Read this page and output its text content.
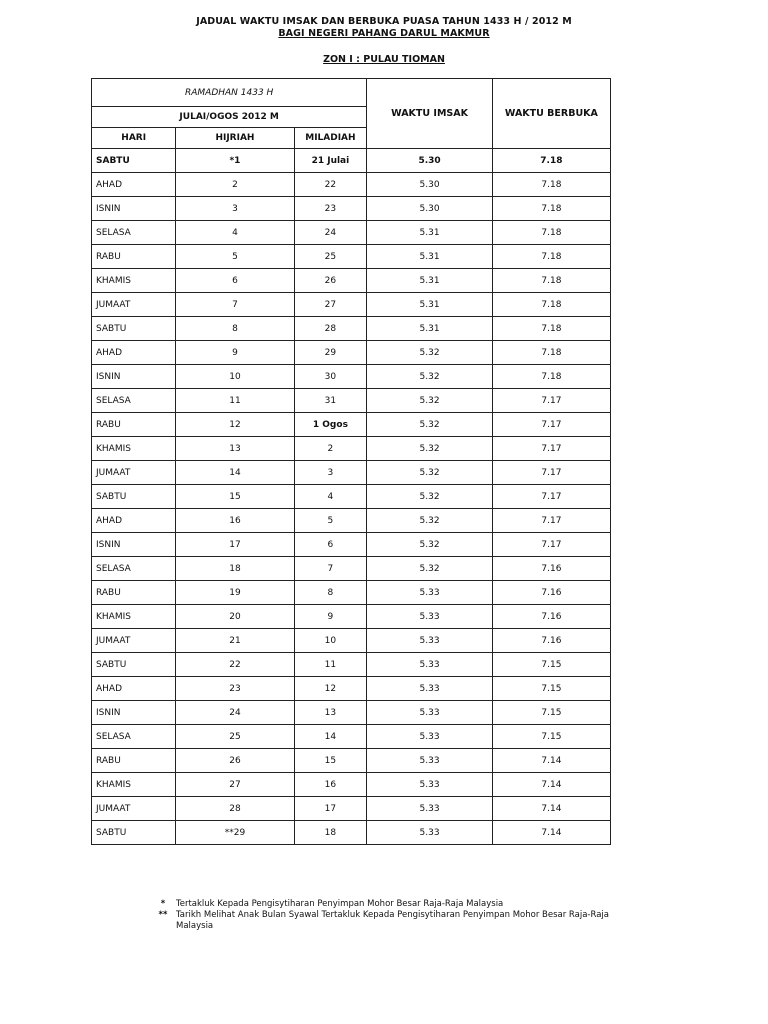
JADUAL WAKTU IMSAK DAN BERBUKA PUASA TAHUN 1433 H / 2012 M
BAGI NEGERI PAHANG DARUL MAKMUR
ZON I : PULAU TIOMAN
RAMADHAN 1433 H			WAKTU IMSAK	WAKTU BERBUKA
JULAI/OGOS 2012 M				
HARI	HIJRIAH	MILADIAH		
SABTU	*1	21 Julai	5.30	7.18
AHAD	2	22	5.30	7.18
ISNIN	3	23	5.30	7.18
SELASA	4	24	5.31	7.18
RABU	5	25	5.31	7.18
KHAMIS	6	26	5.31	7.18
JUMAAT	7	27	5.31	7.18
SABTU	8	28	5.31	7.18
AHAD	9	29	5.32	7.18
ISNIN	10	30	5.32	7.18
SELASA	11	31	5.32	7.17
RABU	12	1 Ogos	5.32	7.17
KHAMIS	13	2	5.32	7.17
JUMAAT	14	3	5.32	7.17
SABTU	15	4	5.32	7.17
AHAD	16	5	5.32	7.17
ISNIN	17	6	5.32	7.17
SELASA	18	7	5.32	7.16
RABU	19	8	5.33	7.16
KHAMIS	20	9	5.33	7.16
JUMAAT	21	10	5.33	7.16
SABTU	22	11	5.33	7.15
AHAD	23	12	5.33	7.15
ISNIN	24	13	5.33	7.15
SELASA	25	14	5.33	7.15
RABU	26	15	5.33	7.14
KHAMIS	27	16	5.33	7.14
JUMAAT	28	17	5.33	7.14
SABTU	**29	18	5.33	7.14
*	Tertakluk Kepada Pengisytiharan Penyimpan Mohor Besar Raja-Raja Malaysia
**	Tarikh Melihat Anak Bulan Syawal Tertakluk Kepada Pengisytiharan Penyimpan Mohor Besar Raja-Raja Malaysia
